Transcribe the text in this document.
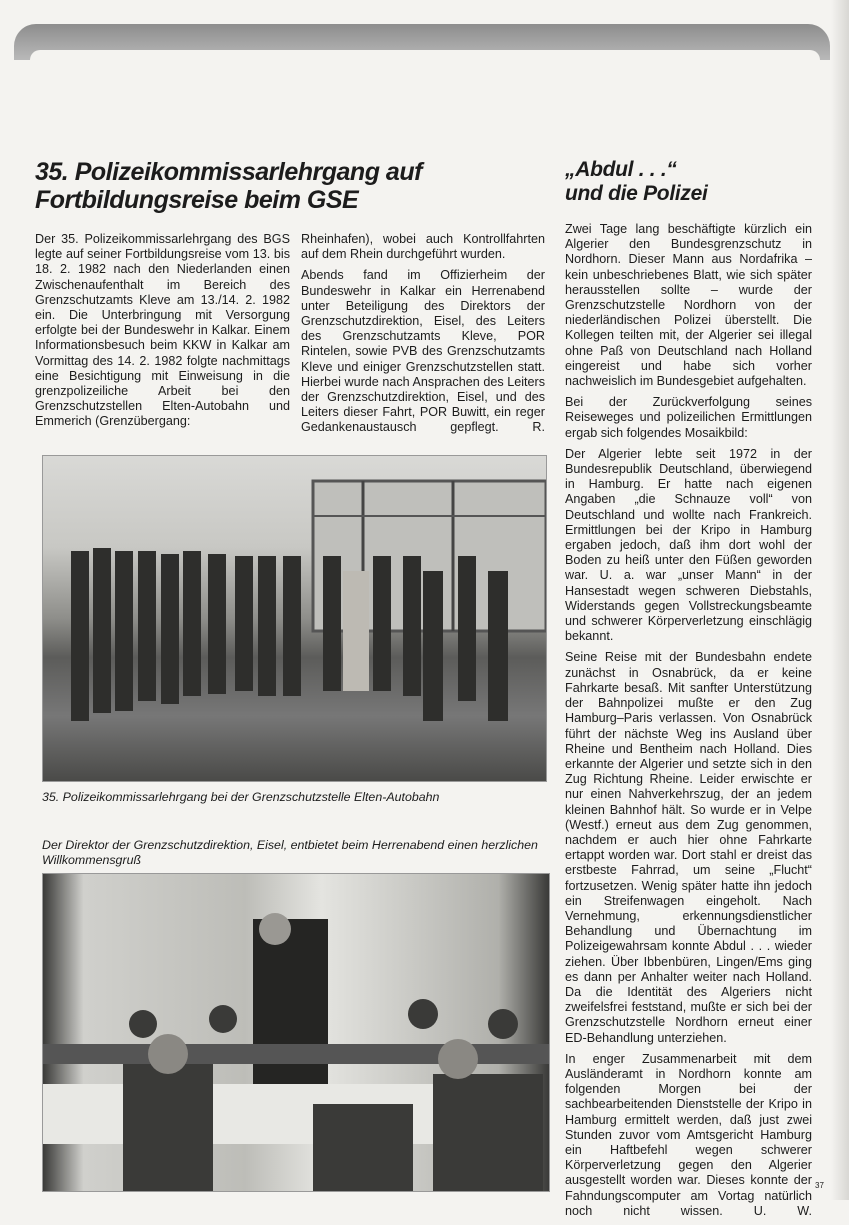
35. Polizeikommissarlehrgang auf Fortbildungsreise beim GSE

Der 35. Polizeikommissarlehrgang des BGS legte auf seiner Fortbildungsreise vom 13. bis 18. 2. 1982 nach den Niederlanden einen Zwischenaufenthalt im Bereich des Grenzschutzamts Kleve am 13./14. 2. 1982 ein. Die Unterbringung mit Versorgung erfolgte bei der Bundeswehr in Kalkar. Einem Informationsbesuch beim KKW in Kalkar am Vormittag des 14. 2. 1982 folgte nachmittags eine Besichtigung mit Einweisung in die grenzpolizeiliche Arbeit bei den Grenzschutzstellen Elten-Autobahn und Emmerich (Grenzübergang:

Rheinhafen), wobei auch Kontrollfahrten auf dem Rhein durchgeführt wurden.

Abends fand im Offizierheim der Bundeswehr in Kalkar ein Herrenabend unter Beteiligung des Direktors der Grenzschutzdirektion, Eisel, des Leiters des Grenzschutzamts Kleve, POR Rintelen, sowie PVB des Grenzschutzamts Kleve und einiger Grenzschutzstellen statt. Hierbei wurde nach Ansprachen des Leiters der Grenzschutzdirektion, Eisel, und des Leiters dieser Fahrt, POR Buwitt, ein reger Gedankenaustausch gepflegt.	R.

35. Polizeikommissarlehrgang bei der Grenzschutzstelle Elten-Autobahn
Der Direktor der Grenzschutzdirektion, Eisel, entbietet beim Herrenabend einen herzlichen Willkommensgruß
„Abdul . . .“
und die Polizei

Zwei Tage lang beschäftigte kürzlich ein Algerier den Bundesgrenzschutz in Nordhorn. Dieser Mann aus Nordafrika – kein unbeschriebenes Blatt, wie sich später herausstellen sollte – wurde der Grenzschutzstelle Nordhorn von der niederländischen Polizei überstellt. Die Kollegen teilten mit, der Algerier sei illegal ohne Paß von Deutschland nach Holland eingereist und habe sich vorher nachweislich im Bundesgebiet aufgehalten.

Bei der Zurückverfolgung seines Reiseweges und polizeilichen Ermittlungen ergab sich folgendes Mosaikbild:

Der Algerier lebte seit 1972 in der Bundesrepublik Deutschland, überwiegend in Hamburg. Er hatte nach eigenen Angaben „die Schnauze voll“ von Deutschland und wollte nach Frankreich. Ermittlungen bei der Kripo in Hamburg ergaben jedoch, daß ihm dort wohl der Boden zu heiß unter den Füßen geworden war. U. a. war „unser Mann“ in der Hansestadt wegen schweren Diebstahls, Widerstands gegen Vollstreckungsbeamte und schwerer Körperverletzung einschlägig bekannt.

Seine Reise mit der Bundesbahn endete zunächst in Osnabrück, da er keine Fahrkarte besaß. Mit sanfter Unterstützung der Bahnpolizei mußte er den Zug Hamburg–Paris verlassen. Von Osnabrück führt der nächste Weg ins Ausland über Rheine und Bentheim nach Holland. Dies erkannte der Algerier und setzte sich in den Zug Richtung Rheine. Leider erwischte er nur einen Nahverkehrszug, der an jedem kleinen Bahnhof hält. So wurde er in Velpe (Westf.) erneut aus dem Zug genommen, nachdem er auch hier ohne Fahrkarte ertappt worden war. Dort stahl er dreist das erstbeste Fahrrad, um seine „Flucht“ fortzusetzen. Wenig später hatte ihn jedoch ein Streifenwagen eingeholt. Nach Vernehmung, erkennungsdienstlicher Behandlung und Übernachtung im Polizeigewahrsam konnte Abdul . . . wieder ziehen. Über Ibbenbüren, Lingen/Ems ging es dann per Anhalter weiter nach Holland. Da die Identität des Algeriers nicht zweifelsfrei feststand, mußte er sich bei der Grenzschutzstelle Nordhorn erneut einer ED-Behandlung unterziehen.

In enger Zusammenarbeit mit dem Ausländeramt in Nordhorn konnte am folgenden Morgen bei der sachbearbeitenden Dienststelle der Kripo in Hamburg ermittelt werden, daß just zwei Stunden zuvor vom Amtsgericht Hamburg ein Haftbefehl wegen schwerer Körperverletzung gegen den Algerier ausgestellt worden war. Dieses konnte der Fahndungscomputer am Vortag natürlich noch nicht wissen. U. W.

37
